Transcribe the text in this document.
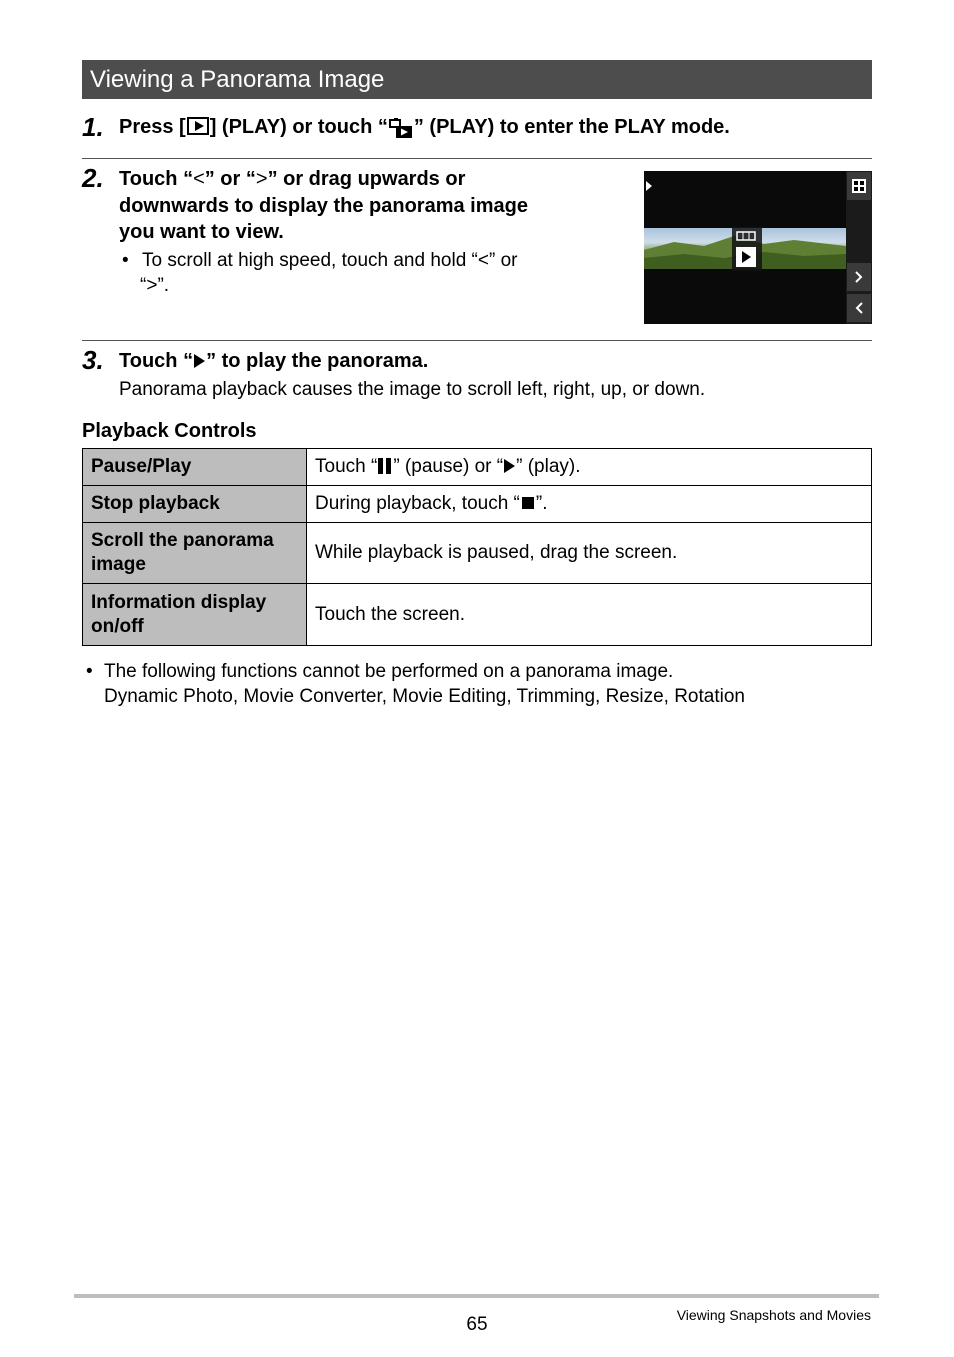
Viewing a Panorama Image
1. Press [ ] (PLAY) or touch “ ” (PLAY) to enter the PLAY mode.
2. Touch “<” or “>” or drag upwards or
downwards to display the panorama image
you want to view.
• To scroll at high speed, touch and hold “<” or
“>”.
3. Touch “ ” to play the panorama.
Panorama playback causes the image to scroll left, right, up, or down.
Playback Controls
Pause/Play	Touch “ ” (pause) or “ ” (play).
Stop playback	During playback, touch “ ”.
Scroll the panorama image	While playback is paused, drag the screen.
Information display on/off	Touch the screen.
• The following functions cannot be performed on a panorama image.
Dynamic Photo, Movie Converter, Movie Editing, Trimming, Resize, Rotation
65	Viewing Snapshots and Movies
